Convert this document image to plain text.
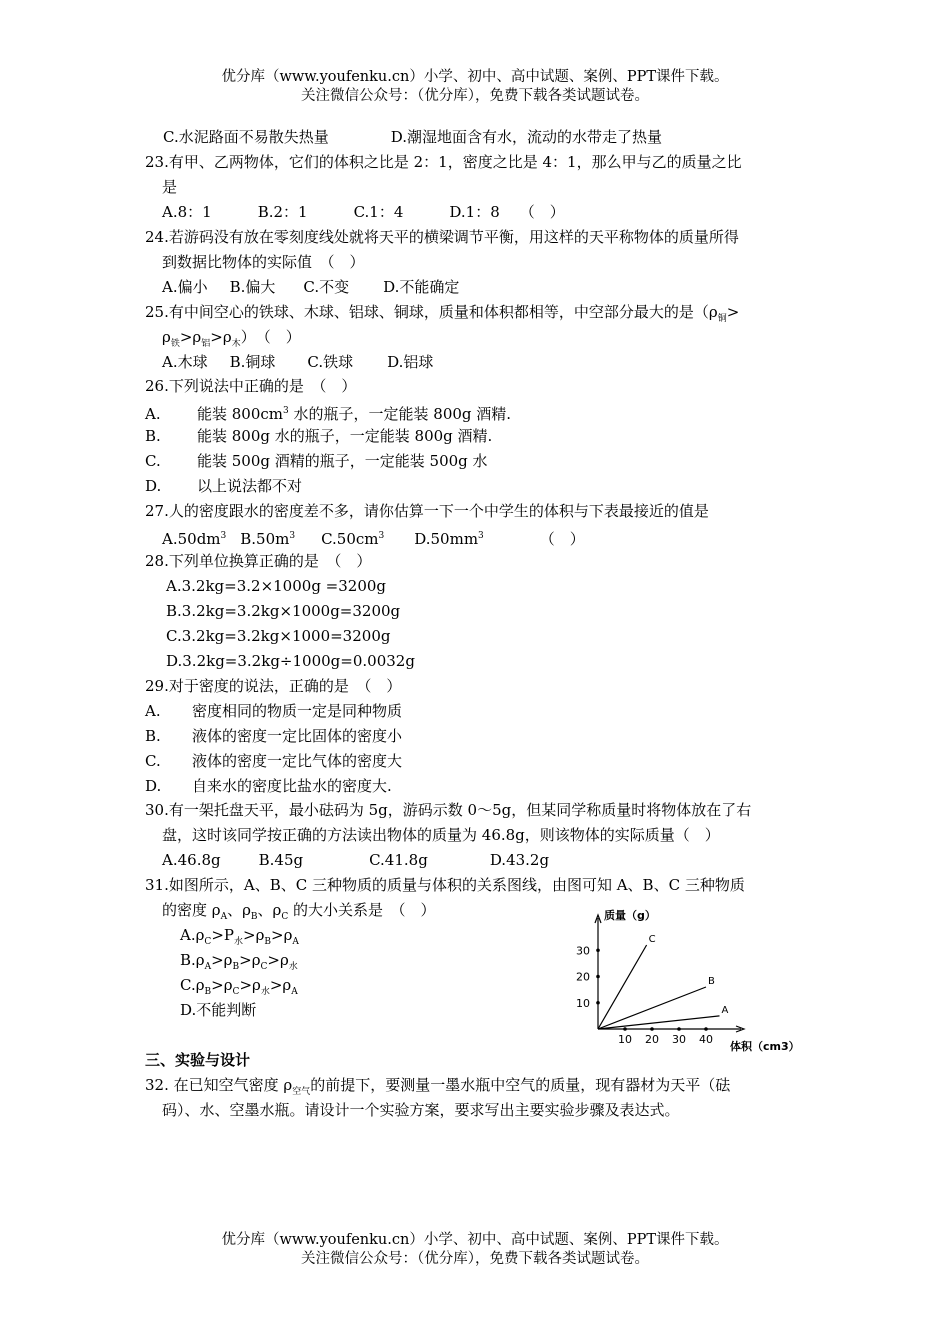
优分库（www.youfenku.cn）小学、初中、高中试题、案例、PPT课件下载。
关注微信公众号：（优分库），免费下载各类试题试卷。
C.水泥路面不易散失热量	D.潮湿地面含有水，流动的水带走了热量
23.有甲、乙两物体，它们的体积之比是 2：1，密度之比是 4：1，那么甲与乙的质量之比
是
A.8：1	B.2：1	C.1：4	D.1：8 （　）
24.若游码没有放在零刻度线处就将天平的横梁调节平衡，用这样的天平称物体的质量所得
到数据比物体的实际值　（　）
A.偏小 B.偏大 C.不变 D.不能确定
25.有中间空心的铁球、木球、铝球、铜球，质量和体积都相等，中空部分最大的是（$\rho_铜>$
$\rho_铁>\rho_铝>\rho_木$）　（　）
A.木球 B.铜球 C.铁球 D.铝球
26.下列说法中正确的是　（　）
A. 能装 $800cm^3$ 水的瓶子，一定能装 800g 酒精.
B. 能装 800g 水的瓶子，一定能装 800g 酒精.
C. 能装 500g 酒精的瓶子，一定能装 500g 水
D. 以上说法都不对
27.人的密度跟水的密度差不多，请你估算一下一个中学生的体积与下表最接近的值是
$A.50dm^3$ $B.50m^3$ $C.50cm^3$ $D.50mm^3$	（　）
28.下列单位换算正确的是　（　）
A.3.2kg=3.2×1000g =3200g
B.3.2kg=3.2kg×1000g=3200g
C.3.2kg=3.2kg×1000=3200g
D.3.2kg=3.2kg÷1000g=0.0032g
29.对于密度的说法，正确的是　（　）
A. 密度相同的物质一定是同种物质
B. 液体的密度一定比固体的密度小
C. 液体的密度一定比气体的密度大
D. 自来水的密度比盐水的密度大.
30.有一架托盘天平，最小砝码为 5g，游码示数 0～5g，但某同学称质量时将物体放在了右
盘，这时该同学按正确的方法读出物体的质量为 46.8g，则该物体的实际质量（　）
A.46.8g	B.45g	C.41.8g	D.43.2g
31.如图所示，A、B、C 三种物质的质量与体积的关系图线，由图可知 A、B、C 三种物质
的密度 $\rho_A$、$\rho_B$、$\rho_C$ 的大小关系是　（　）
$A.\rho_C>P_水>\rho_B>\rho_A$
$B.\rho_A>\rho_B>\rho_C>\rho_水$
$C.\rho_B>\rho_C>\rho_水>\rho_A$
D.不能判断
10 20 30 40
10
20
30
C
B
A
质量（g）
体积（cm3）
三、实验与设计
32. 在已知空气密度 $\rho_{空气}$的前提下，要测量一墨水瓶中空气的质量，现有器材为天平（砝
码）、水、空墨水瓶。请设计一个实验方案，要求写出主要实验步骤及表达式。
优分库（www.youfenku.cn）小学、初中、高中试题、案例、PPT课件下载。
关注微信公众号：（优分库），免费下载各类试题试卷。
